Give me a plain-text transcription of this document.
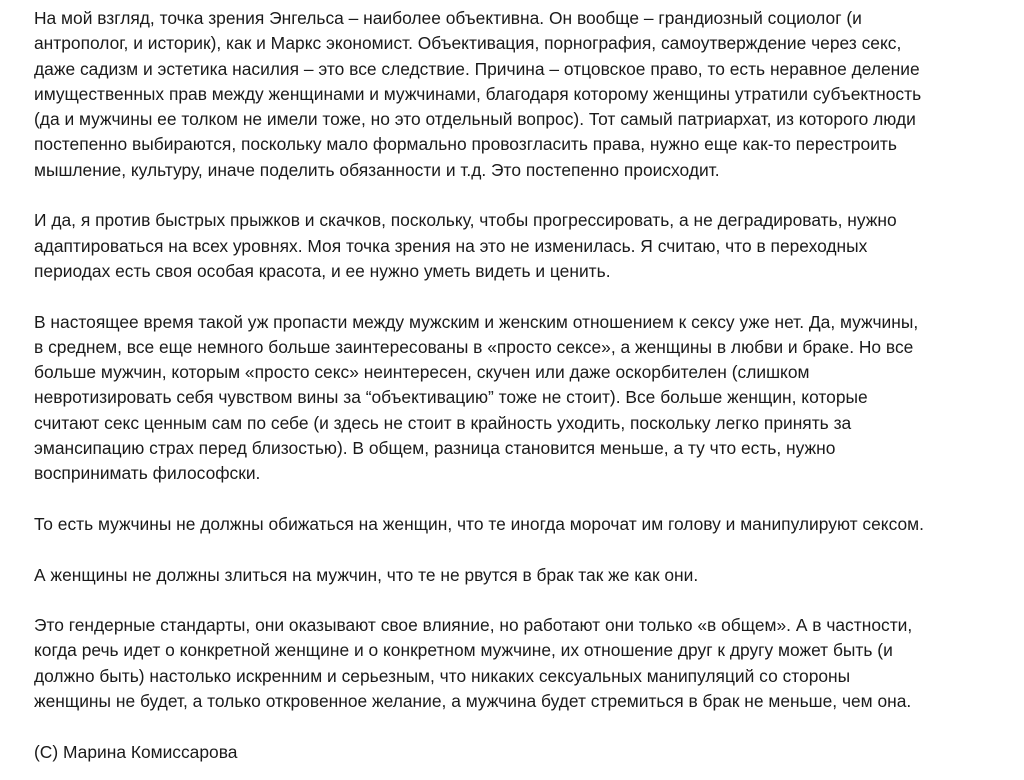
На мой взгляд, точка зрения Энгельса – наиболее объективна. Он вообще – грандиозный социолог (и
антрополог, и историк), как и Маркс экономист. Объективация, порнография, самоутверждение через секс,
даже садизм и эстетика насилия – это все следствие. Причина – отцовское право, то есть неравное деление
имущественных прав между женщинами и мужчинами, благодаря которому женщины утратили субъектность
(да и мужчины ее толком не имели тоже, но это отдельный вопрос). Тот самый патриархат, из которого люди
постепенно выбираются, поскольку мало формально провозгласить права, нужно еще как-то перестроить
мышление, культуру, иначе поделить обязанности и т.д. Это постепенно происходит.

И да, я против быстрых прыжков и скачков, поскольку, чтобы прогрессировать, а не деградировать, нужно
адаптироваться на всех уровнях. Моя точка зрения на это не изменилась. Я считаю, что в переходных
периодах есть своя особая красота, и ее нужно уметь видеть и ценить.

В настоящее время такой уж пропасти между мужским и женским отношением к сексу уже нет. Да, мужчины,
в среднем, все еще немного больше заинтересованы в «просто сексе», а женщины в любви и браке. Но все
больше мужчин, которым «просто секс» неинтересен, скучен или даже оскорбителен (слишком
невротизировать себя чувством вины за “объективацию” тоже не стоит). Все больше женщин, которые
считают секс ценным сам по себе (и здесь не стоит в крайность уходить, поскольку легко принять за
эмансипацию страх перед близостью). В общем, разница становится меньше, а ту что есть, нужно
воспринимать философски.

То есть мужчины не должны обижаться на женщин, что те иногда морочат им голову и манипулируют сексом.

А женщины не должны злиться на мужчин, что те не рвутся в брак так же как они.

Это гендерные стандарты, они оказывают свое влияние, но работают они только «в общем». А в частности,
когда речь идет о конкретной женщине и о конкретном мужчине, их отношение друг к другу может быть (и
должно быть) настолько искренним и серьезным, что никаких сексуальных манипуляций со стороны
женщины не будет, а только откровенное желание, а мужчина будет стремиться в брак не меньше, чем она.

(С) Марина Комиссарова
